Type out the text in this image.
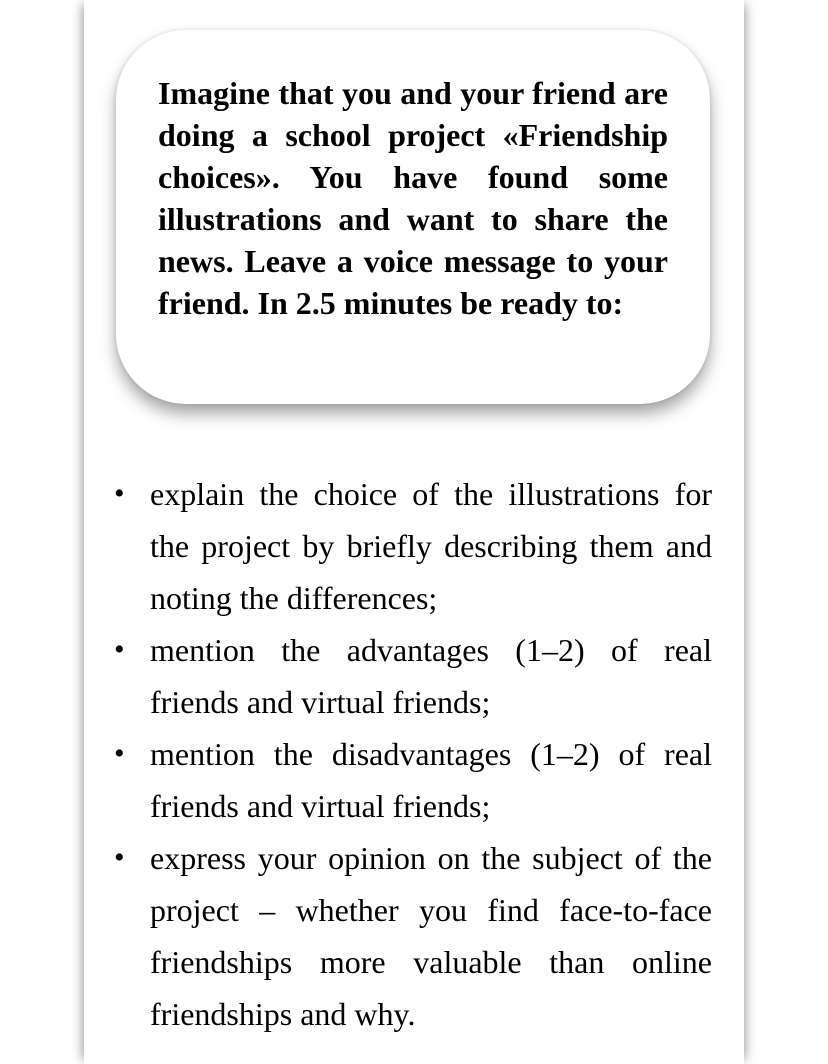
Imagine that you and your friend are doing a school project «Friendship choices». You have found some illustrations and want to share the news. Leave a voice message to your friend. In 2.5 minutes be ready to:

• explain the choice of the illustrations for the project by briefly describing them and noting the differences;
• mention the advantages (1–2) of real friends and virtual friends;
• mention the disadvantages (1–2) of real friends and virtual friends;
• express your opinion on the subject of the project – whether you find face-to-face friendships more valuable than online friendships and why.
